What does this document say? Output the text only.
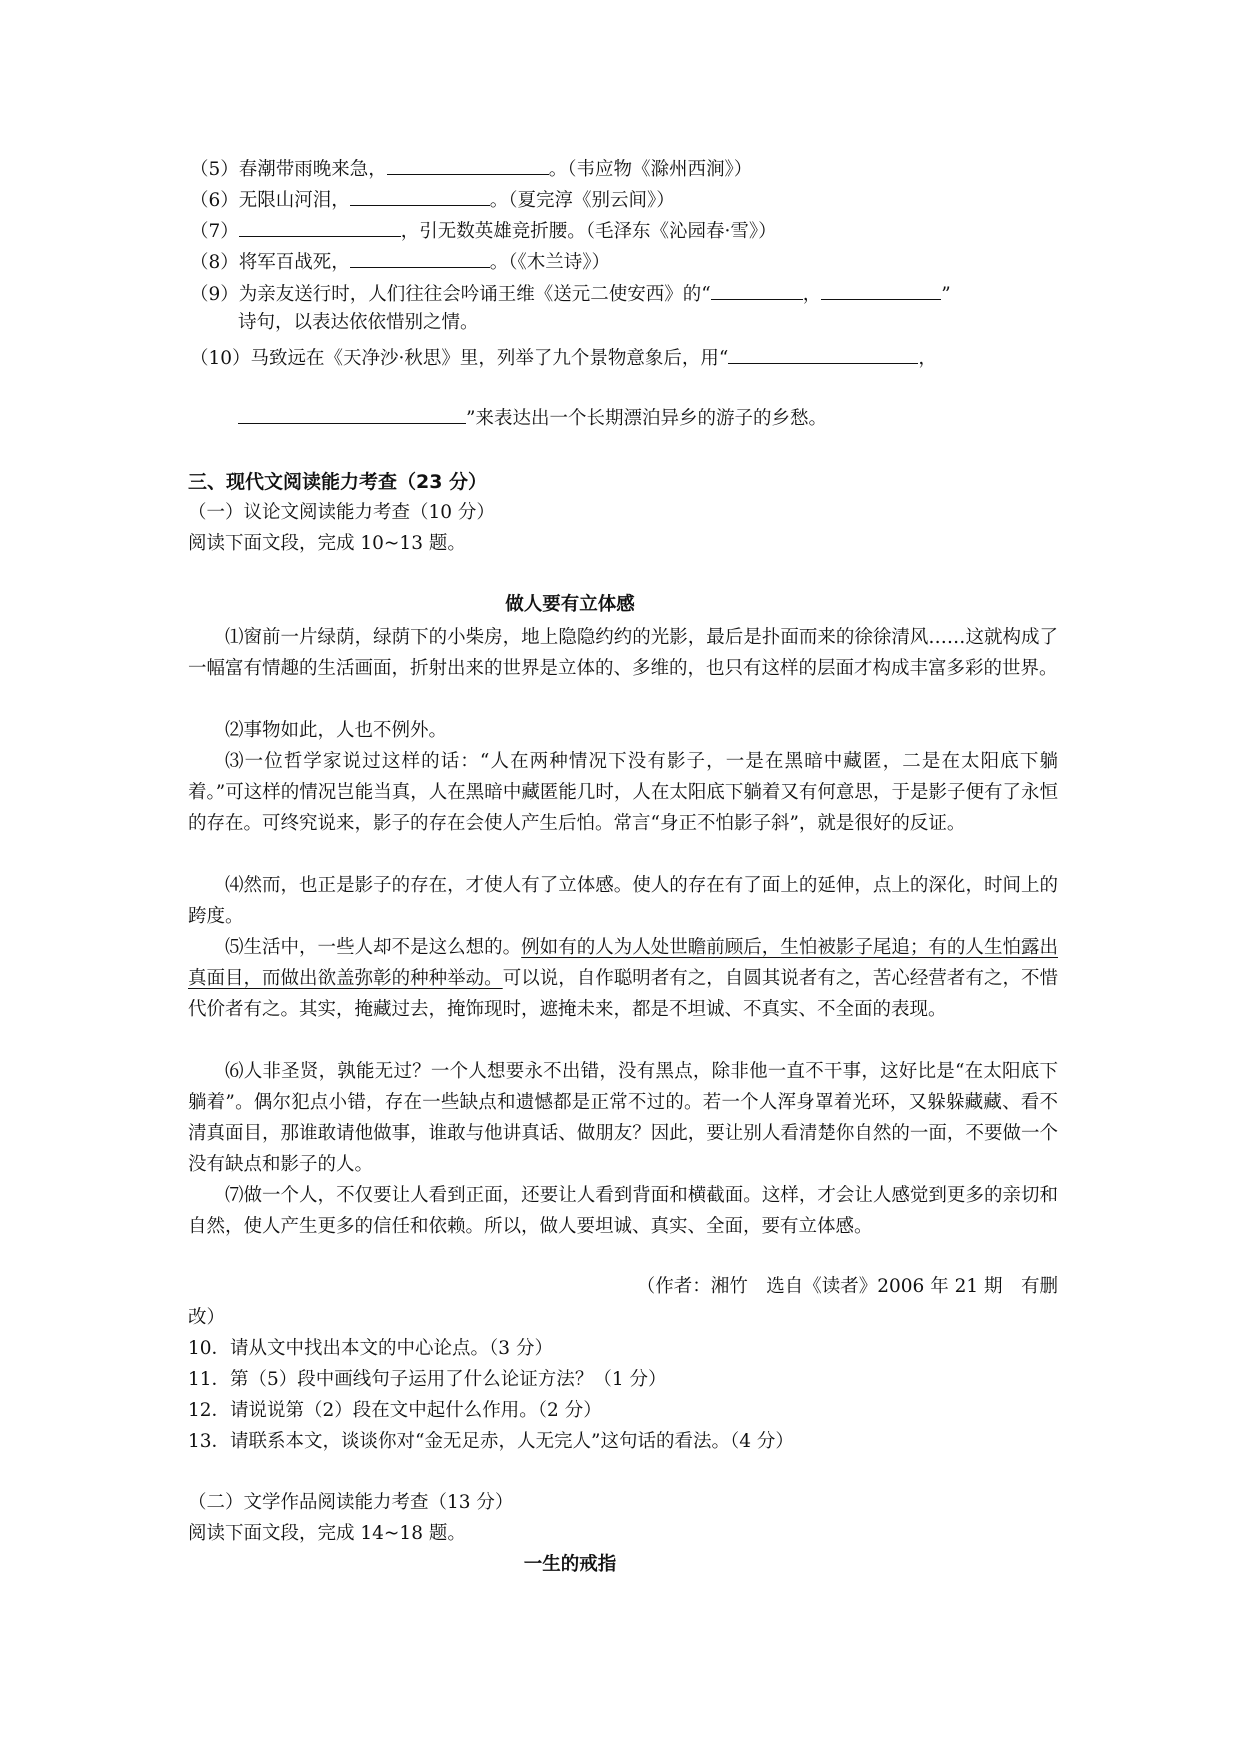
（5）春潮带雨晚来急，	。（韦应物《滁州西涧》）
（6）无限山河泪，	。（夏完淳《别云间》）
（7）	，引无数英雄竞折腰。（毛泽东《沁园春·雪》）
（8）将军百战死，	。（《木兰诗》）
（9）为亲友送行时，人们往往会吟诵王维《送元二使安西》的“	，	”
诗句，以表达依依惜别之情。
（10）马致远在《天净沙·秋思》里，列举了九个景物意象后，用“	，
”来表达出一个长期漂泊异乡的游子的乡愁。
三、现代文阅读能力考查（23 分）
（一）议论文阅读能力考查（10 分）
阅读下面文段，完成 10~13 题。
做人要有立体感
⑴窗前一片绿荫，绿荫下的小柴房，地上隐隐约约的光影，最后是扑面而来的徐徐清风……这就构成了一幅富有情趣的生活画面，折射出来的世界是立体的、多维的，也只有这样的层面才构成丰富多彩的世界。
⑵事物如此，人也不例外。
⑶一位哲学家说过这样的话：“人在两种情况下没有影子，一是在黑暗中藏匿，二是在太阳底下躺着。”可这样的情况岂能当真，人在黑暗中藏匿能几时，人在太阳底下躺着又有何意思，于是影子便有了永恒的存在。可终究说来，影子的存在会使人产生后怕。常言“身正不怕影子斜”，就是很好的反证。
⑷然而，也正是影子的存在，才使人有了立体感。使人的存在有了面上的延伸，点上的深化，时间上的跨度。
⑸生活中，一些人却不是这么想的。例如有的人为人处世瞻前顾后，生怕被影子尾追；有的人生怕露出真面目，而做出欲盖弥彰的种种举动。可以说，自作聪明者有之，自圆其说者有之，苦心经营者有之，不惜代价者有之。其实，掩藏过去，掩饰现时，遮掩未来，都是不坦诚、不真实、不全面的表现。
⑹人非圣贤，孰能无过？一个人想要永不出错，没有黑点，除非他一直不干事，这好比是“在太阳底下躺着”。偶尔犯点小错，存在一些缺点和遗憾都是正常不过的。若一个人浑身罩着光环，又躲躲藏藏、看不清真面目，那谁敢请他做事，谁敢与他讲真话、做朋友？因此，要让别人看清楚你自然的一面，不要做一个没有缺点和影子的人。
⑺做一个人，不仅要让人看到正面，还要让人看到背面和横截面。这样，才会让人感觉到更多的亲切和自然，使人产生更多的信任和依赖。所以，做人要坦诚、真实、全面，要有立体感。
（作者：湘竹　选自《读者》2006 年 21 期　有删
改）
10．请从文中找出本文的中心论点。（3 分）
11．第（5）段中画线句子运用了什么论证方法？（1 分）
12．请说说第（2）段在文中起什么作用。（2 分）
13．请联系本文，谈谈你对“金无足赤，人无完人”这句话的看法。（4 分）
（二）文学作品阅读能力考查（13 分）
阅读下面文段，完成 14~18 题。
一生的戒指
